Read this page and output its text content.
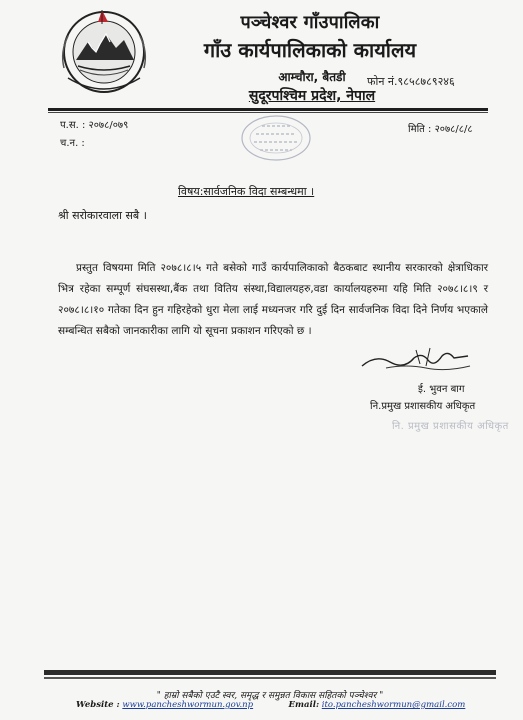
पञ्चेश्वर गाँउपालिका
गाँउ कार्यपालिकाको कार्यालय
आम्चौरा, बैतडी	फोन नं.९८५८७८९२४६
सुदूरपश्चिम प्रदेश, नेपाल
प.स. : २०७८/०७९
च.न. :
मिति : २०७८/८/८
विषय:सार्वजनिक विदा सम्बन्धमा ।
श्री सरोकारवाला सबै ।
प्रस्तुत विषयमा मिति २०७८।८।५ गते बसेको गाउँ कार्यपालिकाको बैठकबाट स्थानीय सरकारको क्षेत्राधिकार भित्र रहेका सम्पूर्ण संघसस्था,बैंक तथा वितिय संस्था,विद्यालयहरु,वडा कार्यालयहरुमा यहि मिति २०७८।८।९ र २०७८।८।१० गतेका दिन हुन गहिरहेको धुरा मेला लाई मध्यनजर गरि दुई दिन सार्वजनिक विदा दिने निर्णय भएकाले सम्बन्धित सबैको जानकारीका लागि यो सूचना प्रकाशन गरिएको छ ।
ई. भुवन बाग
नि.प्रमुख प्रशासकीय अधिकृत
नि. प्रमुख प्रशासकीय अधिकृत
" हाम्रो सबैको एउटै स्वर, समृद्ध र समुन्नत विकास सहितको पञ्चेश्वर "
Website : www.pancheshwormun.gov.np	Email: ito.pancheshwormun@gmail.com
